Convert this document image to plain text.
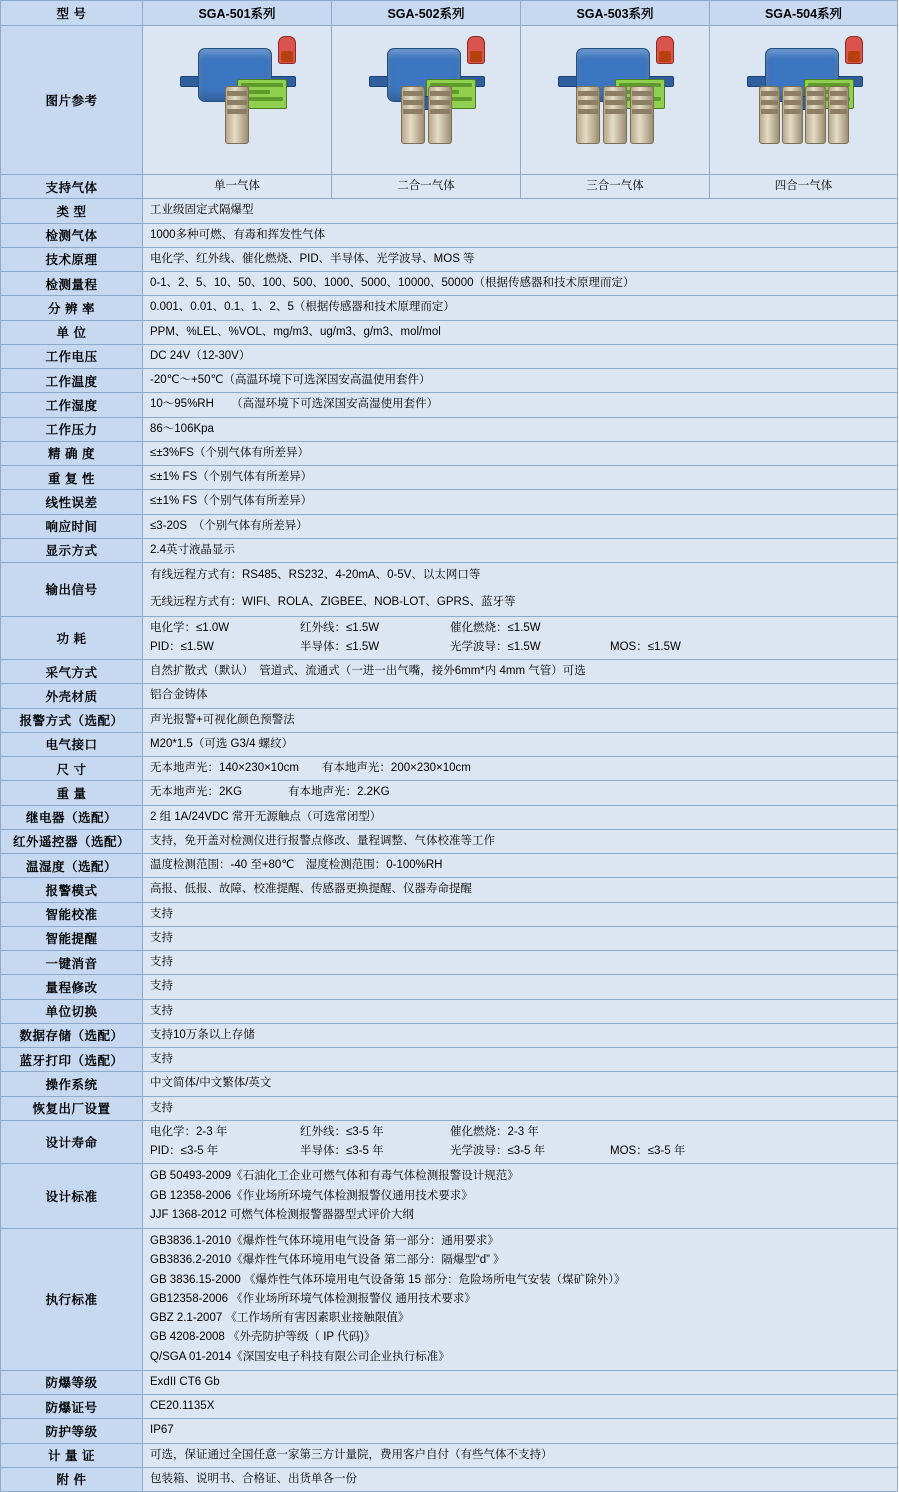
型 号	SGA-501系列	SGA-502系列	SGA-503系列	SGA-504系列
图片参考	

支持气体	单一气体	二合一气体	三合一气体	四合一气体
类 型	工业级固定式隔爆型			
检测气体	1000多种可燃、有毒和挥发性气体			
技术原理	电化学、红外线、催化燃烧、PID、半导体、光学波导、MOS 等			
检测量程	0-1、2、5、10、50、100、500、1000、5000、10000、50000（根据传感器和技术原理而定）			
分 辨 率	0.001、0.01、0.1、1、2、5（根据传感器和技术原理而定）			
单 位	PPM、%LEL、%VOL、mg/m3、ug/m3、g/m3、mol/mol			
工作电压	DC 24V（12-30V）			
工作温度	-20℃～+50℃（高温环境下可选深国安高温使用套件）			
工作湿度	10～95%RH　　（高湿环境下可选深国安高湿使用套件）			
工作压力	86～106Kpa			
精 确 度	≤±3%FS（个别气体有所差异）			
重 复 性	≤±1% FS（个别气体有所差异）			
线性误差	≤±1% FS（个别气体有所差异）			
响应时间	≤3-20S　（个别气体有所差异）			
显示方式	2.4英寸液晶显示			
输出信号	有线远程方式有：RS485、RS232、4-20mA、0-5V、以太网口等
无线远程方式有：WIFI、ROLA、ZIGBEE、NOB-LOT、GPRS、蓝牙等			

功 耗	
电化学：≤1.0W	红外线：≤1.5W	催化燃烧：≤1.5W
PID：≤1.5W	半导体：≤1.5W	光学波导：≤1.5W	MOS：≤1.5W

采气方式	自然扩散式（默认）　管道式、流通式（一进一出气嘴，接外6mm*内 4mm 气管）可选			
外壳材质	铝合金铸体			
报警方式（选配）	声光报警+可视化颜色预警法			
电气接口	M20*1.5（可选 G3/4 螺纹）			
尺 寸	无本地声光：140×230×10cm　　有本地声光：200×230×10cm			
重 量	无本地声光：2KG　　　　有本地声光：2.2KG			
继电器（选配）	2 组 1A/24VDC 常开无源触点（可选常闭型）			
红外遥控器（选配）	支持，免开盖对检测仪进行报警点修改、量程调整、气体校准等工作			
温湿度（选配）	温度检测范围：-40 至+80℃　湿度检测范围：0-100%RH			
报警模式	高报、低报、故障、校准提醒、传感器更换提醒、仪器寿命提醒			
智能校准	支持			
智能提醒	支持			
一键消音	支持			
量程修改	支持			
单位切换	支持			
数据存储（选配）	支持10万条以上存储			
蓝牙打印（选配）	支持			
操作系统	中文简体/中文繁体/英文			
恢复出厂设置	支持			
设计寿命	
电化学：2-3 年	红外线：≤3-5 年	催化燃烧：2-3 年
PID：≤3-5 年	半导体：≤3-5 年	光学波导：≤3-5 年	MOS：≤3-5 年

设计标准	GB 50493-2009《石油化工企业可燃气体和有毒气体检测报警设计规范》
GB 12358-2006《作业场所环境气体检测报警仪通用技术要求》
JJF 1368-2012 可燃气体检测报警器器型式评价大纲			

执行标准	
GB3836.1-2010《爆炸性气体环境用电气设备 第一部分：通用要求》
GB3836.2-2010《爆炸性气体环境用电气设备 第二部分：隔爆型“d” 》
GB 3836.15-2000 《爆炸性气体环境用电气设备第 15 部分：危险场所电气安装（煤矿除外）》
GB12358-2006 《作业场所环境气体检测报警仪 通用技术要求》
GBZ 2.1-2007 《工作场所有害因素职业接触限值》
GB 4208-2008 《外壳防护等级（ IP 代码)》
Q/SGA 01-2014《深国安电子科技有限公司企业执行标准》

防爆等级	ExdII CT6 Gb			
防爆证号	CE20.1135X			
防护等级	IP67			
计 量 证	可选，保证通过全国任意一家第三方计量院，费用客户自付（有些气体不支持）			
附 件	包装箱、说明书、合格证、出货单各一份			
